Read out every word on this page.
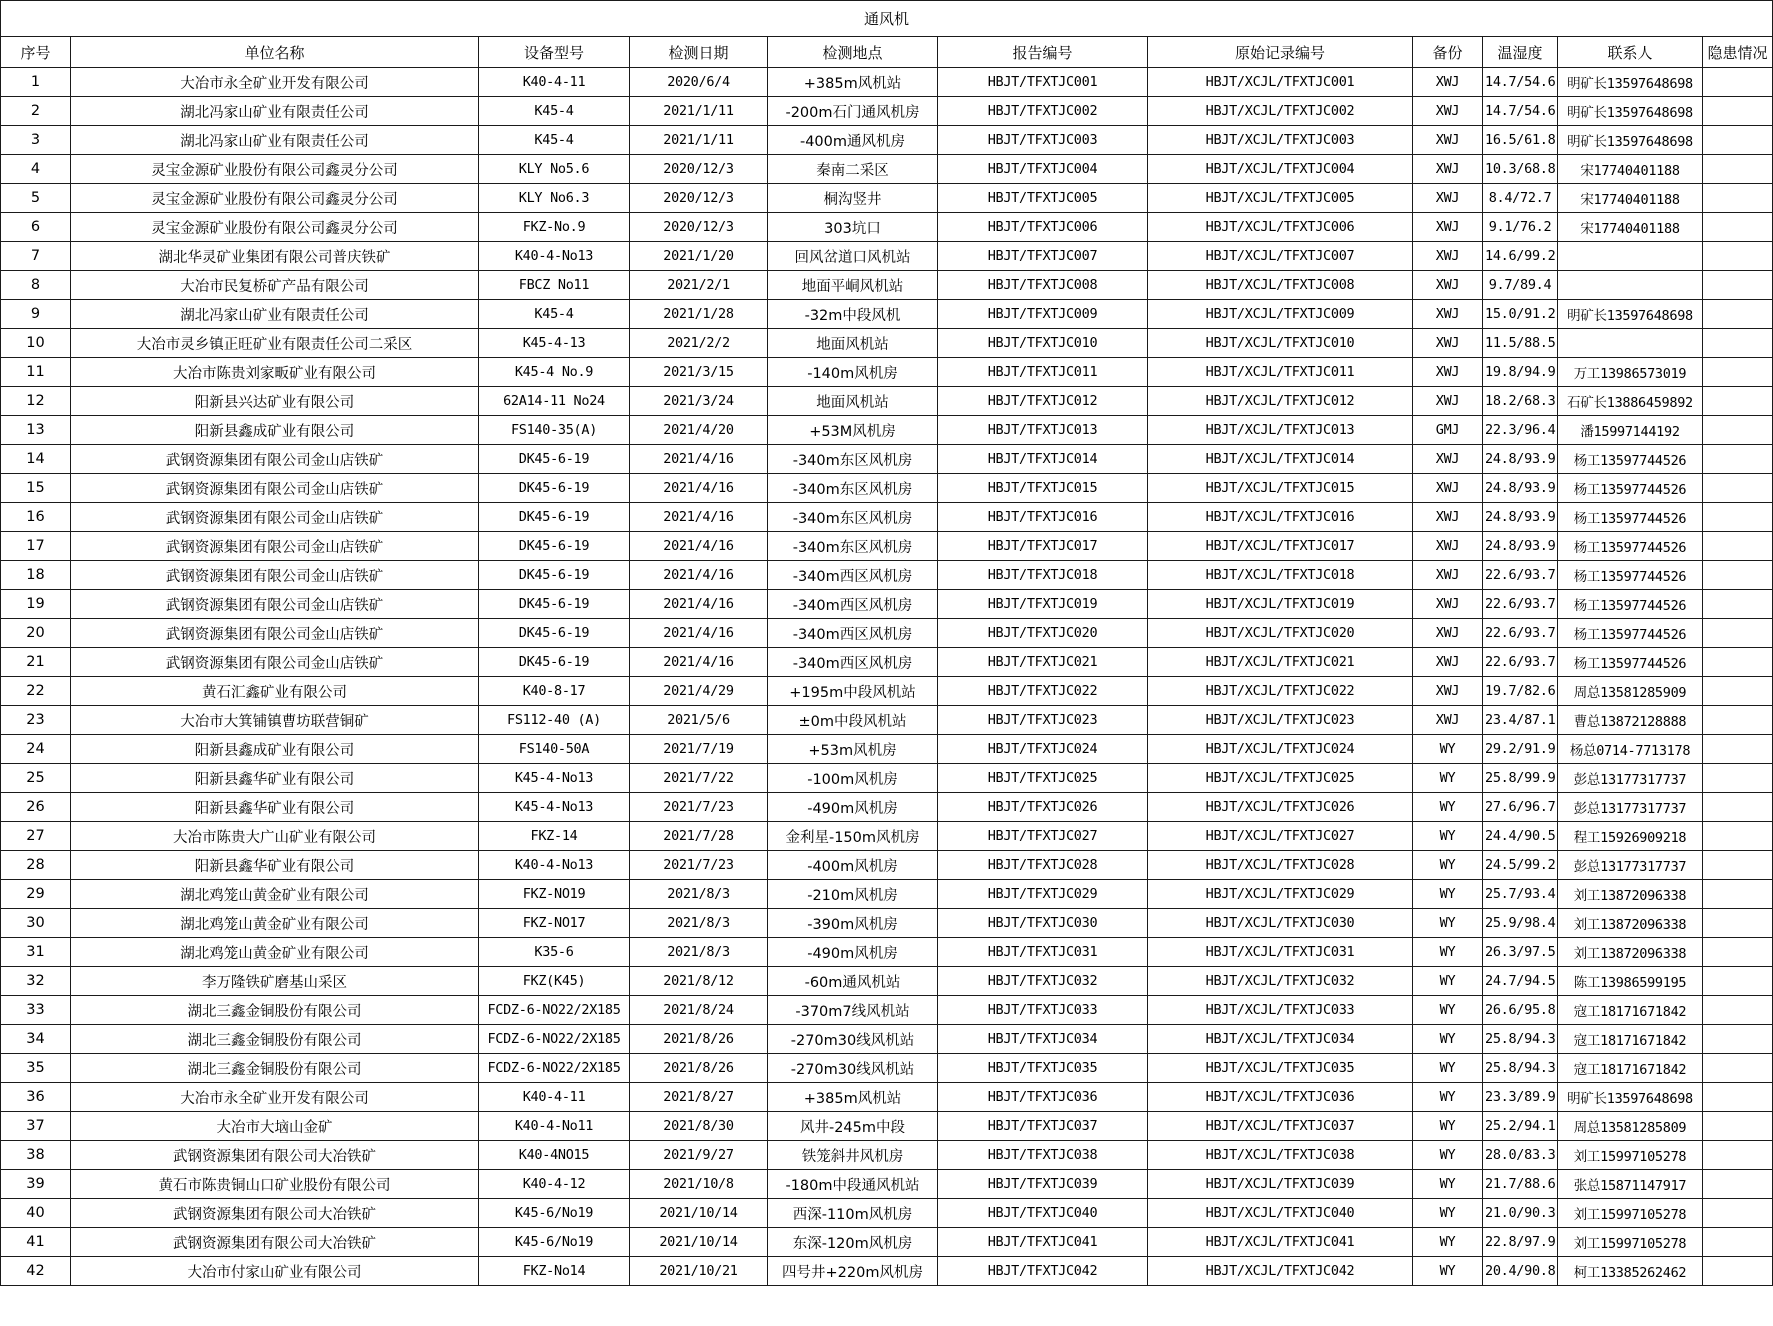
通风机										
序号	单位名称	设备型号	检测日期	检测地点	报告编号	原始记录编号	备份	温湿度	联系人	隐患情况
1	大冶市永全矿业开发有限公司	K40-4-11	2020/6/4	+385m风机站	HBJT/TFXTJC001	HBJT/XCJL/TFXTJC001	XWJ	14.7/54.6	明矿长13597648698	
2	湖北冯家山矿业有限责任公司	K45-4	2021/1/11	-200m石门通风机房	HBJT/TFXTJC002	HBJT/XCJL/TFXTJC002	XWJ	14.7/54.6	明矿长13597648698	
3	湖北冯家山矿业有限责任公司	K45-4	2021/1/11	-400m通风机房	HBJT/TFXTJC003	HBJT/XCJL/TFXTJC003	XWJ	16.5/61.8	明矿长13597648698	
4	灵宝金源矿业股份有限公司鑫灵分公司	KLY No5.6	2020/12/3	秦南二采区	HBJT/TFXTJC004	HBJT/XCJL/TFXTJC004	XWJ	10.3/68.8	宋17740401188	
5	灵宝金源矿业股份有限公司鑫灵分公司	KLY No6.3	2020/12/3	桐沟竖井	HBJT/TFXTJC005	HBJT/XCJL/TFXTJC005	XWJ	8.4/72.7	宋17740401188	
6	灵宝金源矿业股份有限公司鑫灵分公司	FKZ-No.9	2020/12/3	303坑口	HBJT/TFXTJC006	HBJT/XCJL/TFXTJC006	XWJ	9.1/76.2	宋17740401188	
7	湖北华灵矿业集团有限公司普庆铁矿	K40-4-No13	2021/1/20	回风岔道口风机站	HBJT/TFXTJC007	HBJT/XCJL/TFXTJC007	XWJ	14.6/99.2		
8	大冶市民复桥矿产品有限公司	FBCZ No11	2021/2/1	地面平峒风机站	HBJT/TFXTJC008	HBJT/XCJL/TFXTJC008	XWJ	9.7/89.4		
9	湖北冯家山矿业有限责任公司	K45-4	2021/1/28	-32m中段风机	HBJT/TFXTJC009	HBJT/XCJL/TFXTJC009	XWJ	15.0/91.2	明矿长13597648698	
10	大冶市灵乡镇正旺矿业有限责任公司二采区	K45-4-13	2021/2/2	地面风机站	HBJT/TFXTJC010	HBJT/XCJL/TFXTJC010	XWJ	11.5/88.5		
11	大冶市陈贵刘家畈矿业有限公司	K45-4 No.9	2021/3/15	-140m风机房	HBJT/TFXTJC011	HBJT/XCJL/TFXTJC011	XWJ	19.8/94.9	万工13986573019	
12	阳新县兴达矿业有限公司	62A14-11 No24	2021/3/24	地面风机站	HBJT/TFXTJC012	HBJT/XCJL/TFXTJC012	XWJ	18.2/68.3	石矿长13886459892	
13	阳新县鑫成矿业有限公司	FS140-35(A)	2021/4/20	+53M风机房	HBJT/TFXTJC013	HBJT/XCJL/TFXTJC013	GMJ	22.3/96.4	潘15997144192	
14	武钢资源集团有限公司金山店铁矿	DK45-6-19	2021/4/16	-340m东区风机房	HBJT/TFXTJC014	HBJT/XCJL/TFXTJC014	XWJ	24.8/93.9	杨工13597744526	
15	武钢资源集团有限公司金山店铁矿	DK45-6-19	2021/4/16	-340m东区风机房	HBJT/TFXTJC015	HBJT/XCJL/TFXTJC015	XWJ	24.8/93.9	杨工13597744526	
16	武钢资源集团有限公司金山店铁矿	DK45-6-19	2021/4/16	-340m东区风机房	HBJT/TFXTJC016	HBJT/XCJL/TFXTJC016	XWJ	24.8/93.9	杨工13597744526	
17	武钢资源集团有限公司金山店铁矿	DK45-6-19	2021/4/16	-340m东区风机房	HBJT/TFXTJC017	HBJT/XCJL/TFXTJC017	XWJ	24.8/93.9	杨工13597744526	
18	武钢资源集团有限公司金山店铁矿	DK45-6-19	2021/4/16	-340m西区风机房	HBJT/TFXTJC018	HBJT/XCJL/TFXTJC018	XWJ	22.6/93.7	杨工13597744526	
19	武钢资源集团有限公司金山店铁矿	DK45-6-19	2021/4/16	-340m西区风机房	HBJT/TFXTJC019	HBJT/XCJL/TFXTJC019	XWJ	22.6/93.7	杨工13597744526	
20	武钢资源集团有限公司金山店铁矿	DK45-6-19	2021/4/16	-340m西区风机房	HBJT/TFXTJC020	HBJT/XCJL/TFXTJC020	XWJ	22.6/93.7	杨工13597744526	
21	武钢资源集团有限公司金山店铁矿	DK45-6-19	2021/4/16	-340m西区风机房	HBJT/TFXTJC021	HBJT/XCJL/TFXTJC021	XWJ	22.6/93.7	杨工13597744526	
22	黄石汇鑫矿业有限公司	K40-8-17	2021/4/29	+195m中段风机站	HBJT/TFXTJC022	HBJT/XCJL/TFXTJC022	XWJ	19.7/82.6	周总13581285909	
23	大冶市大箕铺镇曹坊联营铜矿	FS112-40 (A)	2021/5/6	±0m中段风机站	HBJT/TFXTJC023	HBJT/XCJL/TFXTJC023	XWJ	23.4/87.1	曹总13872128888	
24	阳新县鑫成矿业有限公司	FS140-50A	2021/7/19	+53m风机房	HBJT/TFXTJC024	HBJT/XCJL/TFXTJC024	WY	29.2/91.9	杨总0714-7713178	
25	阳新县鑫华矿业有限公司	K45-4-No13	2021/7/22	-100m风机房	HBJT/TFXTJC025	HBJT/XCJL/TFXTJC025	WY	25.8/99.9	彭总13177317737	
26	阳新县鑫华矿业有限公司	K45-4-No13	2021/7/23	-490m风机房	HBJT/TFXTJC026	HBJT/XCJL/TFXTJC026	WY	27.6/96.7	彭总13177317737	
27	大冶市陈贵大广山矿业有限公司	FKZ-14	2021/7/28	金利星-150m风机房	HBJT/TFXTJC027	HBJT/XCJL/TFXTJC027	WY	24.4/90.5	程工15926909218	
28	阳新县鑫华矿业有限公司	K40-4-No13	2021/7/23	-400m风机房	HBJT/TFXTJC028	HBJT/XCJL/TFXTJC028	WY	24.5/99.2	彭总13177317737	
29	湖北鸡笼山黄金矿业有限公司	FKZ-NO19	2021/8/3	-210m风机房	HBJT/TFXTJC029	HBJT/XCJL/TFXTJC029	WY	25.7/93.4	刘工13872096338	
30	湖北鸡笼山黄金矿业有限公司	FKZ-NO17	2021/8/3	-390m风机房	HBJT/TFXTJC030	HBJT/XCJL/TFXTJC030	WY	25.9/98.4	刘工13872096338	
31	湖北鸡笼山黄金矿业有限公司	K35-6	2021/8/3	-490m风机房	HBJT/TFXTJC031	HBJT/XCJL/TFXTJC031	WY	26.3/97.5	刘工13872096338	
32	李万隆铁矿磨基山采区	FKZ(K45)	2021/8/12	-60m通风机站	HBJT/TFXTJC032	HBJT/XCJL/TFXTJC032	WY	24.7/94.5	陈工13986599195	
33	湖北三鑫金铜股份有限公司	FCDZ-6-NO22/2X185	2021/8/24	-370m7线风机站	HBJT/TFXTJC033	HBJT/XCJL/TFXTJC033	WY	26.6/95.8	寇工18171671842	
34	湖北三鑫金铜股份有限公司	FCDZ-6-NO22/2X185	2021/8/26	-270m30线风机站	HBJT/TFXTJC034	HBJT/XCJL/TFXTJC034	WY	25.8/94.3	寇工18171671842	
35	湖北三鑫金铜股份有限公司	FCDZ-6-NO22/2X185	2021/8/26	-270m30线风机站	HBJT/TFXTJC035	HBJT/XCJL/TFXTJC035	WY	25.8/94.3	寇工18171671842	
36	大冶市永全矿业开发有限公司	K40-4-11	2021/8/27	+385m风机站	HBJT/TFXTJC036	HBJT/XCJL/TFXTJC036	WY	23.3/89.9	明矿长13597648698	
37	大冶市大垴山金矿	K40-4-No11	2021/8/30	风井-245m中段	HBJT/TFXTJC037	HBJT/XCJL/TFXTJC037	WY	25.2/94.1	周总13581285809	
38	武钢资源集团有限公司大冶铁矿	K40-4NO15	2021/9/27	铁笼斜井风机房	HBJT/TFXTJC038	HBJT/XCJL/TFXTJC038	WY	28.0/83.3	刘工15997105278	
39	黄石市陈贵铜山口矿业股份有限公司	K40-4-12	2021/10/8	-180m中段通风机站	HBJT/TFXTJC039	HBJT/XCJL/TFXTJC039	WY	21.7/88.6	张总15871147917	
40	武钢资源集团有限公司大冶铁矿	K45-6/No19	2021/10/14	西深-110m风机房	HBJT/TFXTJC040	HBJT/XCJL/TFXTJC040	WY	21.0/90.3	刘工15997105278	
41	武钢资源集团有限公司大冶铁矿	K45-6/No19	2021/10/14	东深-120m风机房	HBJT/TFXTJC041	HBJT/XCJL/TFXTJC041	WY	22.8/97.9	刘工15997105278	
42	大冶市付家山矿业有限公司	FKZ-No14	2021/10/21	四号井+220m风机房	HBJT/TFXTJC042	HBJT/XCJL/TFXTJC042	WY	20.4/90.8	柯工13385262462	
